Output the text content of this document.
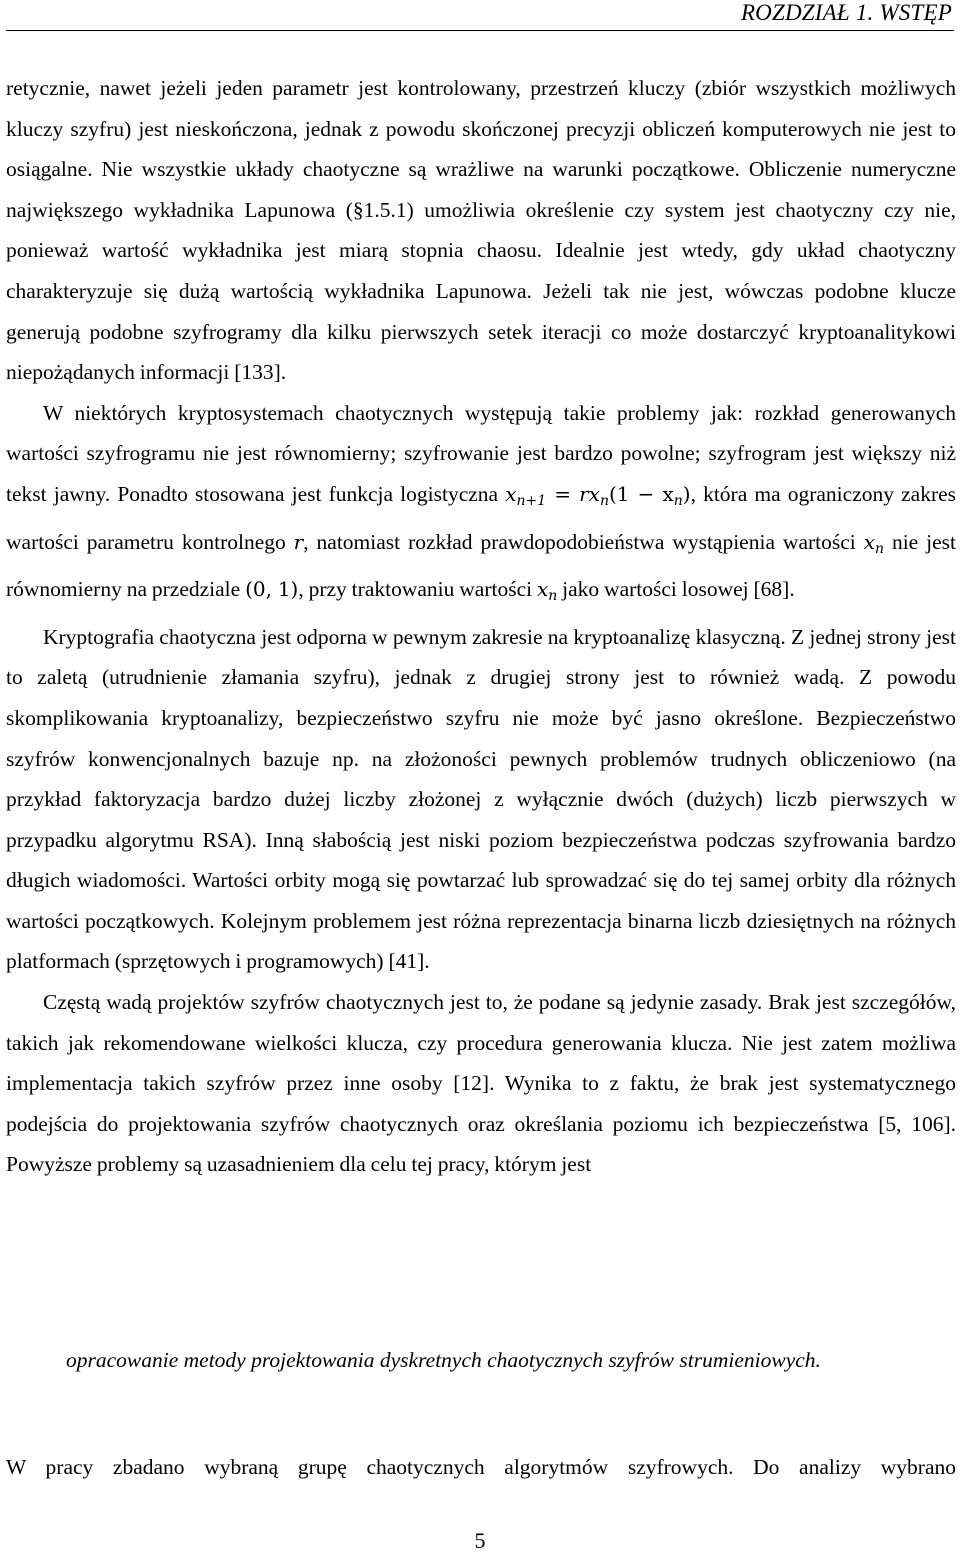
ROZDZIAŁ 1. WSTĘP

retycznie, nawet jeżeli jeden parametr jest kontrolowany, przestrzeń kluczy (zbiór wszystkich możliwych kluczy szyfru) jest nieskończona, jednak z powodu skończonej precyzji obliczeń komputerowych nie jest to osiągalne. Nie wszystkie układy chaotyczne są wrażliwe na warunki początkowe. Obliczenie numeryczne największego wykładnika Lapunowa (§1.5.1) umożliwia określenie czy system jest chaotyczny czy nie, ponieważ wartość wykładnika jest miarą stopnia chaosu. Idealnie jest wtedy, gdy układ chaotyczny charakteryzuje się dużą wartością wykładnika Lapunowa. Jeżeli tak nie jest, wówczas podobne klucze generują podobne szyfrogramy dla kilku pierwszych setek iteracji co może dostarczyć kryptoanalitykowi niepożądanych informacji [133].

W niektórych kryptosystemach chaotycznych występują takie problemy jak: rozkład generowanych wartości szyfrogramu nie jest równomierny; szyfrowanie jest bardzo powolne; szyfrogram jest większy niż tekst jawny. Ponadto stosowana jest funkcja logistyczna $x_{n+1} = rx_n(1 - x_n)$, która ma ograniczony zakres wartości parametru kontrolnego r, natomiast rozkład prawdopodobieństwa wystąpienia wartości $x_n$ nie jest równomierny na przedziale (0, 1), przy traktowaniu wartości $x_n$ jako wartości losowej [68].

Kryptografia chaotyczna jest odporna w pewnym zakresie na kryptoanalizę klasyczną. Z jednej strony jest to zaletą (utrudnienie złamania szyfru), jednak z drugiej strony jest to również wadą. Z powodu skomplikowania kryptoanalizy, bezpieczeństwo szyfru nie może być jasno określone. Bezpieczeństwo szyfrów konwencjonalnych bazuje np. na złożoności pewnych problemów trudnych obliczeniowo (na przykład faktoryzacja bardzo dużej liczby złożonej z wyłącznie dwóch (dużych) liczb pierwszych w przypadku algorytmu RSA). Inną słabością jest niski poziom bezpieczeństwa podczas szyfrowania bardzo długich wiadomości. Wartości orbity mogą się powtarzać lub sprowadzać się do tej samej orbity dla różnych wartości początkowych. Kolejnym problemem jest różna reprezentacja binarna liczb dziesiętnych na różnych platformach (sprzętowych i programowych) [41].

Częstą wadą projektów szyfrów chaotycznych jest to, że podane są jedynie zasady. Brak jest szczegółów, takich jak rekomendowane wielkości klucza, czy procedura generowania klucza. Nie jest zatem możliwa implementacja takich szyfrów przez inne osoby [12]. Wynika to z faktu, że brak jest systematycznego podejścia do projektowania szyfrów chaotycznych oraz określania poziomu ich bezpieczeństwa [5, 106]. Powyższe problemy są uzasadnieniem dla celu tej pracy, którym jest

opracowanie metody projektowania dyskretnych chaotycznych szyfrów strumieniowych.
W pracy zbadano wybraną grupę chaotycznych algorytmów szyfrowych. Do analizy wybrano
5
